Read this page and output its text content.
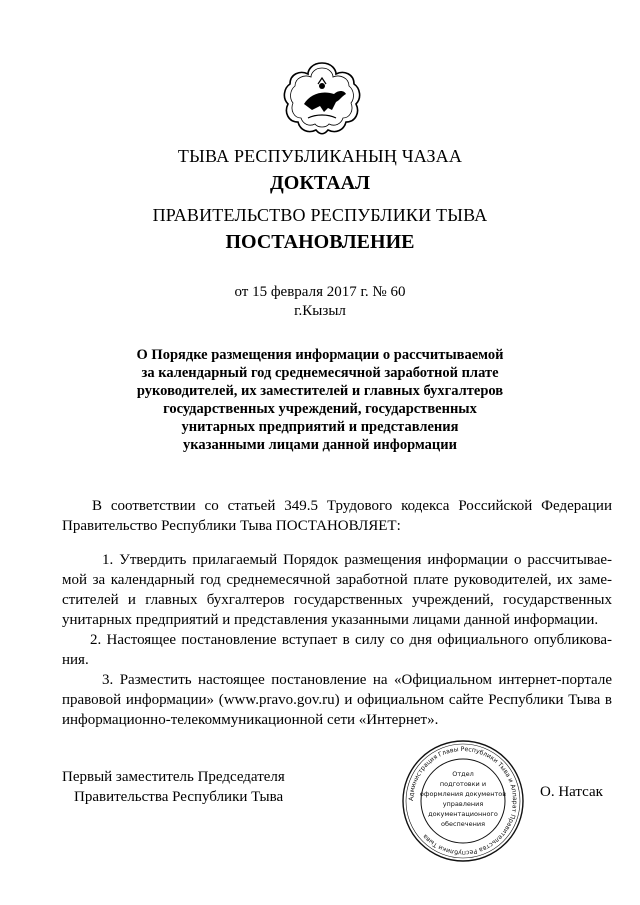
ТЫВА РЕСПУБЛИКАНЫҢ ЧАЗАА
ДОКТААЛ
ПРАВИТЕЛЬСТВО РЕСПУБЛИКИ ТЫВА
ПОСТАНОВЛЕНИЕ
от 15 февраля 2017 г. № 60
г.Кызыл
О Порядке размещения информации о рассчитываемой
за календарный год среднемесячной заработной плате
руководителей, их заместителей и главных бухгалтеров
государственных учреждений, государственных
унитарных предприятий и представления
указанными лицами данной информации
В соответствии со статьей 349.5 Трудового кодекса Российской Федерации Правительство Республики Тыва ПОСТАНОВЛЯЕТ:
1. Утвердить прилагаемый Порядок размещения информации о рассчитывае-мой за календарный год среднемесячной заработной плате руководителей, их заме-стителей и главных бухгалтеров государственных учреждений, государственных унитарных предприятий и представления указанными лицами данной информации.
2. Настоящее постановление вступает в силу со дня официального опубликова-ния.
3. Разместить настоящее постановление на «Официальном интернет-портале правовой информации» (www.pravo.gov.ru) и официальном сайте Республики Тыва в информационно-телекоммуникационной сети «Интернет».
Первый заместитель Председателя
Правительства Республики Тыва	О. Натсак
Администрация Главы Республики Тыва и Аппарат Правительства Республики Тыва
Отдел
подготовки и
оформления документов
управления
документационного
обеспечения
